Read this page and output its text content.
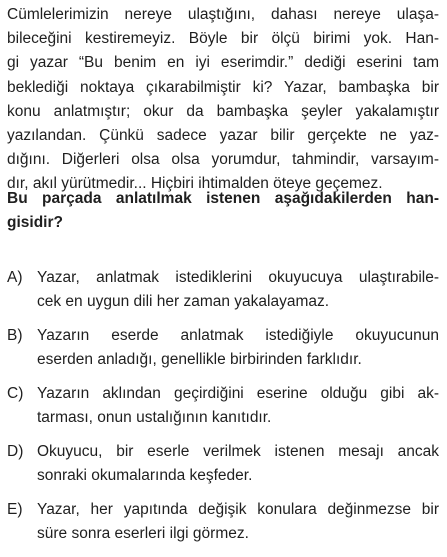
Cümlelerimizin nereye ulaştığını, dahası nereye ulaşa-
bileceğini kestiremeyiz. Böyle bir ölçü birimi yok. Han-
gi yazar “Bu benim en iyi eserimdir.” dediği eserini tam
beklediği noktaya çıkarabilmiştir ki? Yazar, bambaşka bir
konu anlatmıştır; okur da bambaşka şeyler yakalamıştır
yazılandan. Çünkü sadece yazar bilir gerçekte ne yaz-
dığını. Diğerleri olsa olsa yorumdur, tahmindir, varsayım-
dır, akıl yürütmedir... Hiçbiri ihtimalden öteye geçemez.
Bu parçada anlatılmak istenen aşağıdakilerden han-
gisidir?
A) Yazar, anlatmak istediklerini okuyucuya ulaştırabile-
cek en uygun dili her zaman yakalayamaz.
B) Yazarın eserde anlatmak istediğiyle okuyucunun
eserden anladığı, genellikle birbirinden farklıdır.
C) Yazarın aklından geçirdiğini eserine olduğu gibi ak-
tarması, onun ustalığının kanıtıdır.
D) Okuyucu, bir eserle verilmek istenen mesajı ancak
sonraki okumalarında keşfeder.
E) Yazar, her yapıtında değişik konulara değinmezse bir
süre sonra eserleri ilgi görmez.
